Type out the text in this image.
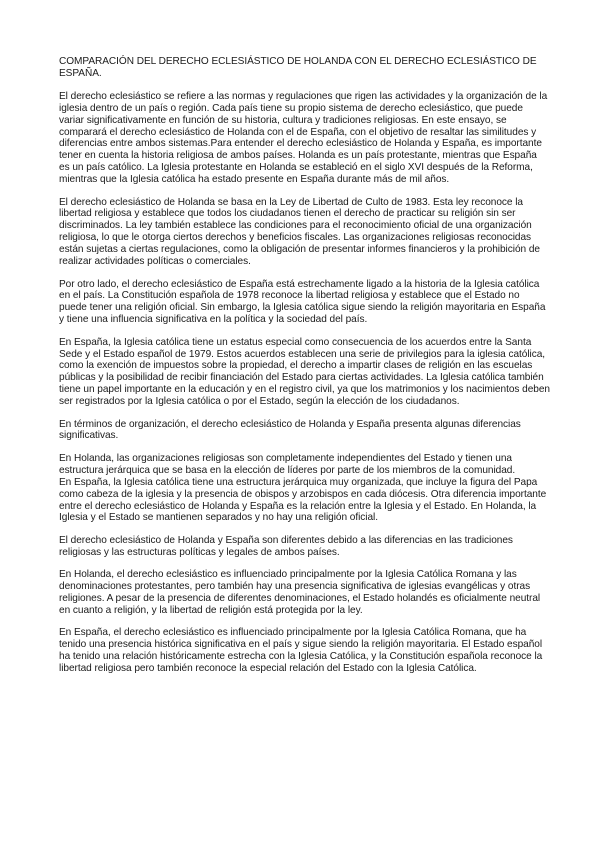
COMPARACIÓN DEL DERECHO ECLESIÁSTICO DE HOLANDA CON EL DERECHO ECLESIÁSTICO DE ESPAÑA.

El derecho eclesiástico se refiere a las normas y regulaciones que rigen las actividades y la organización de la iglesia dentro de un país o región. Cada país tiene su propio sistema de derecho eclesiástico, que puede variar significativamente en función de su historia, cultura y tradiciones religiosas. En este ensayo, se comparará el derecho eclesiástico de Holanda con el de España, con el objetivo de resaltar las similitudes y diferencias entre ambos sistemas.Para entender el derecho eclesiástico de Holanda y España, es importante tener en cuenta la historia religiosa de ambos países. Holanda es un país protestante, mientras que España es un país católico. La Iglesia protestante en Holanda se estableció en el siglo XVI después de la Reforma, mientras que la Iglesia católica ha estado presente en España durante más de mil años.

El derecho eclesiástico de Holanda se basa en la Ley de Libertad de Culto de 1983. Esta ley reconoce la libertad religiosa y establece que todos los ciudadanos tienen el derecho de practicar su religión sin ser discriminados. La ley también establece las condiciones para el reconocimiento oficial de una organización religiosa, lo que le otorga ciertos derechos y beneficios fiscales. Las organizaciones religiosas reconocidas están sujetas a ciertas regulaciones, como la obligación de presentar informes financieros y la prohibición de realizar actividades políticas o comerciales.

Por otro lado, el derecho eclesiástico de España está estrechamente ligado a la historia de la Iglesia católica en el país. La Constitución española de 1978 reconoce la libertad religiosa y establece que el Estado no puede tener una religión oficial. Sin embargo, la Iglesia católica sigue siendo la religión mayoritaria en España y tiene una influencia significativa en la política y la sociedad del país.

En España, la Iglesia católica tiene un estatus especial como consecuencia de los acuerdos entre la Santa Sede y el Estado español de 1979. Estos acuerdos establecen una serie de privilegios para la iglesia católica, como la exención de impuestos sobre la propiedad, el derecho a impartir clases de religión en las escuelas públicas y la posibilidad de recibir financiación del Estado para ciertas actividades. La Iglesia católica también tiene un papel importante en la educación y en el registro civil, ya que los matrimonios y los nacimientos deben ser registrados por la Iglesia católica o por el Estado, según la elección de los ciudadanos.

En términos de organización, el derecho eclesiástico de Holanda y España presenta algunas diferencias significativas.

En Holanda, las organizaciones religiosas son completamente independientes del Estado y tienen una estructura jerárquica que se basa en la elección de líderes por parte de los miembros de la comunidad.

En España, la Iglesia católica tiene una estructura jerárquica muy organizada, que incluye la figura del Papa como cabeza de la iglesia y la presencia de obispos y arzobispos en cada diócesis. Otra diferencia importante entre el derecho eclesiástico de Holanda y España es la relación entre la Iglesia y el Estado. En Holanda, la Iglesia y el Estado se mantienen separados y no hay una religión oficial.

El derecho eclesiástico de Holanda y España son diferentes debido a las diferencias en las tradiciones religiosas y las estructuras políticas y legales de ambos países.

En Holanda, el derecho eclesiástico es influenciado principalmente por la Iglesia Católica Romana y las denominaciones protestantes, pero también hay una presencia significativa de iglesias evangélicas y otras religiones. A pesar de la presencia de diferentes denominaciones, el Estado holandés es oficialmente neutral en cuanto a religión, y la libertad de religión está protegida por la ley.

En España, el derecho eclesiástico es influenciado principalmente por la Iglesia Católica Romana, que ha tenido una presencia histórica significativa en el país y sigue siendo la religión mayoritaria. El Estado español ha tenido una relación históricamente estrecha con la Iglesia Católica, y la Constitución española reconoce la libertad religiosa pero también reconoce la especial relación del Estado con la Iglesia Católica.
